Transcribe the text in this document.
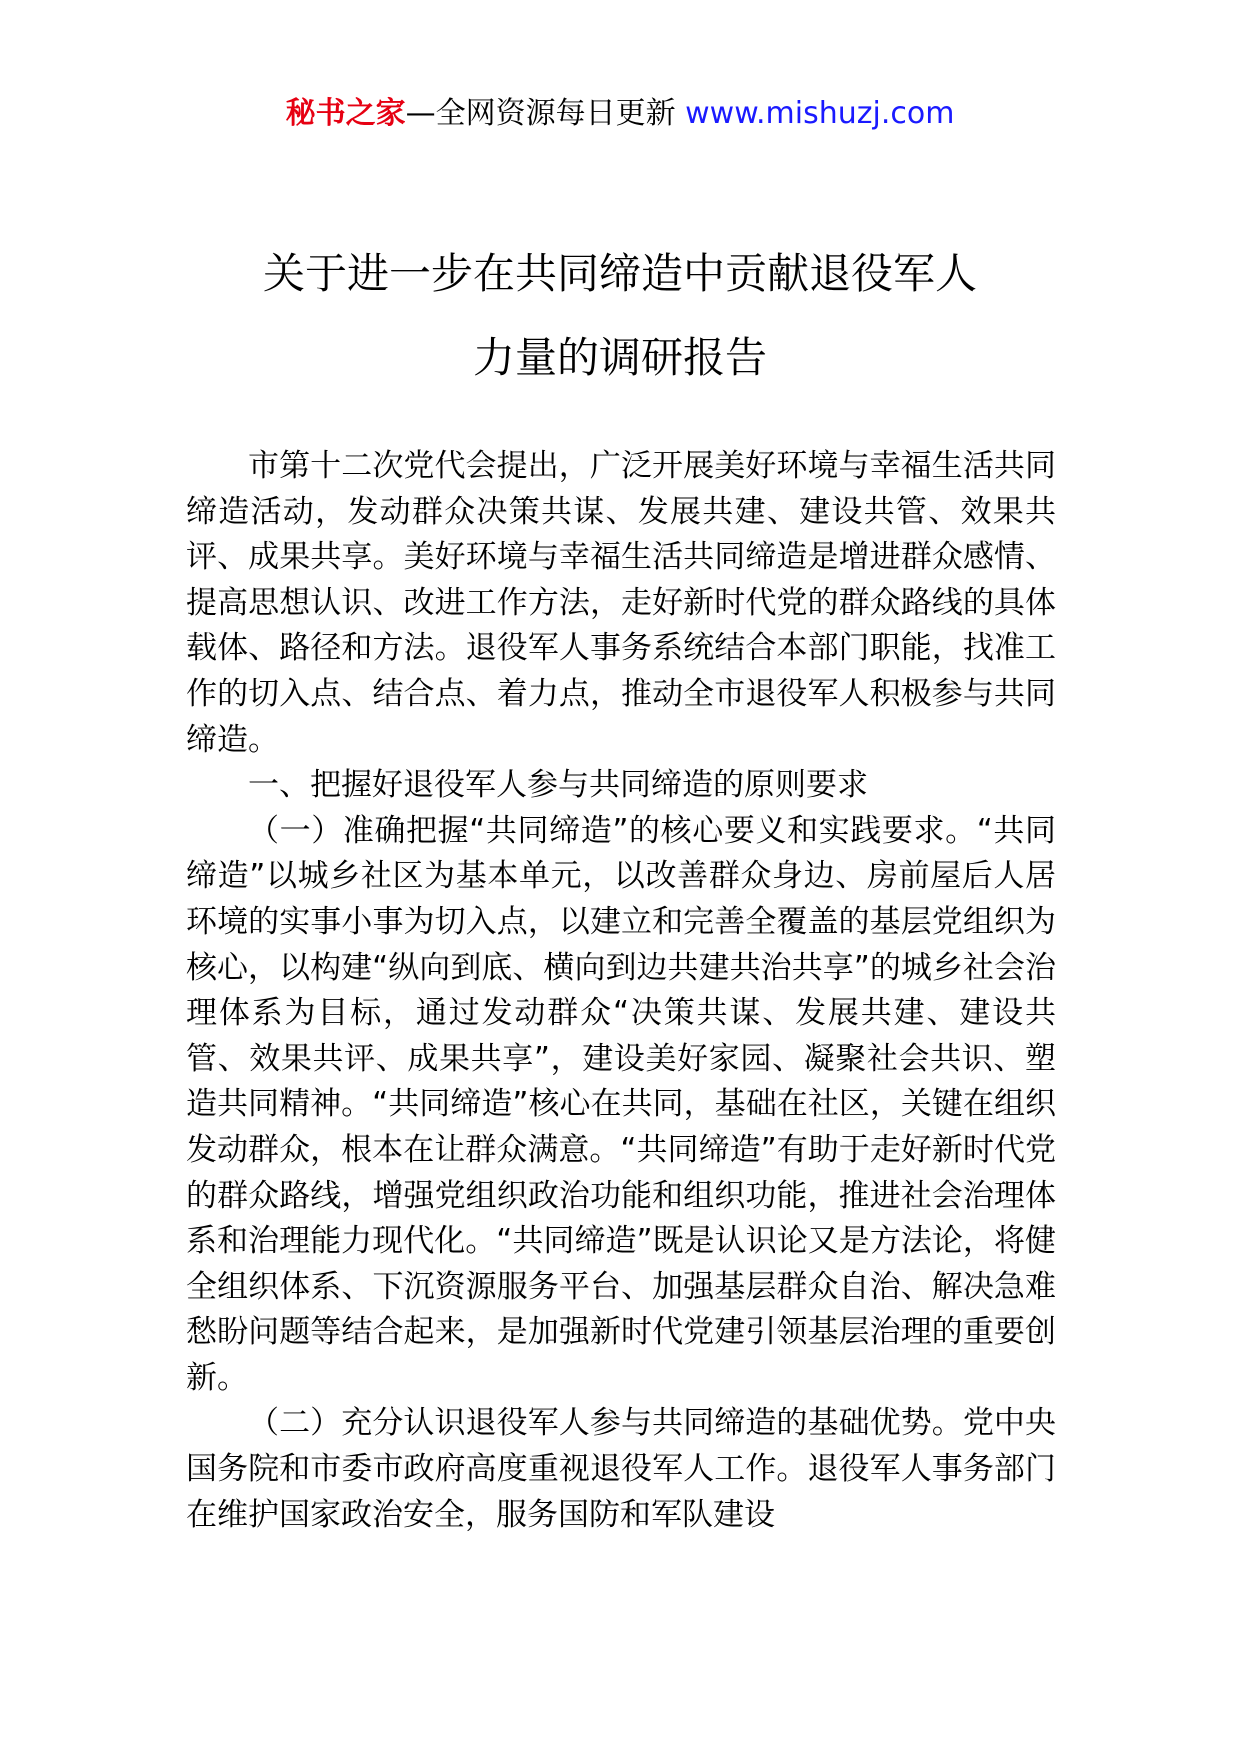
秘书之家—全网资源每日更新 www.mishuzj.com
关于进一步在共同缔造中贡献退役军人
力量的调研报告

市第十二次党代会提出，广泛开展美好环境与幸福生活共同缔造活动，发动群众决策共谋、发展共建、建设共管、效果共评、成果共享。美好环境与幸福生活共同缔造是增进群众感情、提高思想认识、改进工作方法，走好新时代党的群众路线的具体载体、路径和方法。退役军人事务系统结合本部门职能，找准工作的切入点、结合点、着力点，推动全市退役军人积极参与共同缔造。

一、把握好退役军人参与共同缔造的原则要求

（一）准确把握“共同缔造”的核心要义和实践要求。“共同缔造”以城乡社区为基本单元，以改善群众身边、房前屋后人居环境的实事小事为切入点，以建立和完善全覆盖的基层党组织为核心，以构建“纵向到底、横向到边共建共治共享”的城乡社会治理体系为目标，通过发动群众“决策共谋、发展共建、建设共管、效果共评、成果共享”，建设美好家园、凝聚社会共识、塑造共同精神。“共同缔造”核心在共同，基础在社区，关键在组织发动群众，根本在让群众满意。“共同缔造”有助于走好新时代党的群众路线，增强党组织政治功能和组织功能，推进社会治理体系和治理能力现代化。“共同缔造”既是认识论又是方法论，将健全组织体系、下沉资源服务平台、加强基层群众自治、解决急难愁盼问题等结合起来，是加强新时代党建引领基层治理的重要创新。

（二）充分认识退役军人参与共同缔造的基础优势。党中央国务院和市委市政府高度重视退役军人工作。退役军人事务部门在维护国家政治安全，服务国防和军队建设
